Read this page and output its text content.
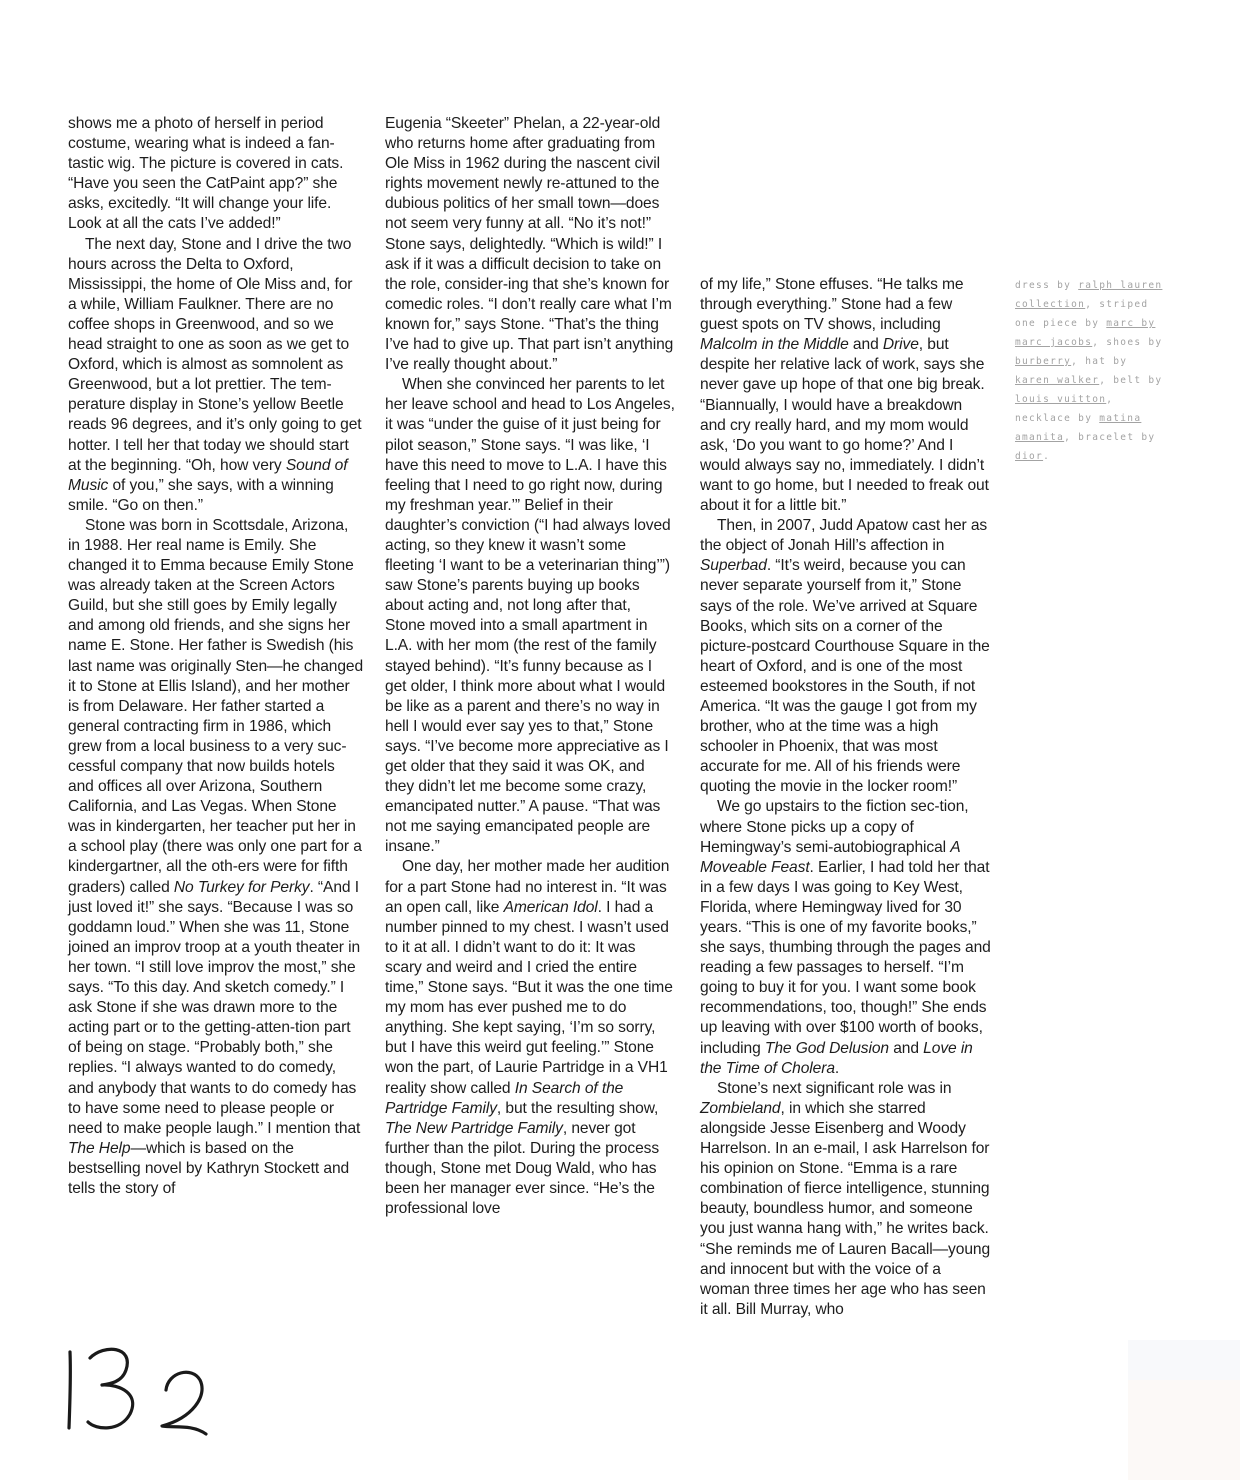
shows me a photo of herself in period costume, wearing what is indeed a fan-tastic wig. The picture is covered in cats. “Have you seen the CatPaint app?” she asks, excitedly. “It will change your life. Look at all the cats I’ve added!”

The next day, Stone and I drive the two hours across the Delta to Oxford, Mississippi, the home of Ole Miss and, for a while, William Faulkner. There are no coffee shops in Greenwood, and so we head straight to one as soon as we get to Oxford, which is almost as somnolent as Greenwood, but a lot prettier. The tem-perature display in Stone’s yellow Beetle reads 96 degrees, and it’s only going to get hotter. I tell her that today we should start at the beginning. “Oh, how very Sound of Music of you,” she says, with a winning smile. “Go on then.”

Stone was born in Scottsdale, Arizona, in 1988. Her real name is Emily. She changed it to Emma because Emily Stone was already taken at the Screen Actors Guild, but she still goes by Emily legally and among old friends, and she signs her name E. Stone. Her father is Swedish (his last name was originally Sten—he changed it to Stone at Ellis Island), and her mother is from Delaware. Her father started a general contracting firm in 1986, which grew from a local business to a very suc-cessful company that now builds hotels and offices all over Arizona, Southern California, and Las Vegas. When Stone was in kindergarten, her teacher put her in a school play (there was only one part for a kindergartner, all the oth-ers were for fifth graders) called No Turkey for Perky. “And I just loved it!” she says. “Because I was so goddamn loud.” When she was 11, Stone joined an improv troop at a youth theater in her town. “I still love improv the most,” she says. “To this day. And sketch comedy.” I ask Stone if she was drawn more to the acting part or to the getting-atten-tion part of being on stage. “Probably both,” she replies. “I always wanted to do comedy, and anybody that wants to do comedy has to have some need to please people or need to make people laugh.” I mention that The Help—which is based on the bestselling novel by Kathryn Stockett and tells the story of

Eugenia “Skeeter” Phelan, a 22-year-old who returns home after graduating from Ole Miss in 1962 during the nascent civil rights movement newly re-attuned to the dubious politics of her small town—does not seem very funny at all. “No it’s not!” Stone says, delightedly. “Which is wild!” I ask if it was a difficult decision to take on the role, consider-ing that she’s known for comedic roles. “I don’t really care what I’m known for,” says Stone. “That’s the thing I’ve had to give up. That part isn’t anything I’ve really thought about.”

When she convinced her parents to let her leave school and head to Los Angeles, it was “under the guise of it just being for pilot season,” Stone says. “I was like, ‘I have this need to move to L.A. I have this feeling that I need to go right now, during my freshman year.’” Belief in their daughter’s conviction (“I had always loved acting, so they knew it wasn’t some fleeting ‘I want to be a veterinarian thing’”) saw Stone’s parents buying up books about acting and, not long after that, Stone moved into a small apartment in L.A. with her mom (the rest of the family stayed behind). “It’s funny because as I get older, I think more about what I would be like as a parent and there’s no way in hell I would ever say yes to that,” Stone says. “I’ve become more appreciative as I get older that they said it was OK, and they didn’t let me become some crazy, emancipated nutter.” A pause. “That was not me saying emancipated people are insane.”

One day, her mother made her audition for a part Stone had no interest in. “It was an open call, like American Idol. I had a number pinned to my chest. I wasn’t used to it at all. I didn’t want to do it: It was scary and weird and I cried the entire time,” Stone says. “But it was the one time my mom has ever pushed me to do anything. She kept saying, ‘I’m so sorry, but I have this weird gut feeling.’” Stone won the part, of Laurie Partridge in a VH1 reality show called In Search of the Partridge Family, but the resulting show, The New Partridge Family, never got further than the pilot. During the process though, Stone met Doug Wald, who has been her manager ever since. “He’s the professional love

of my life,” Stone effuses. “He talks me through everything.” Stone had a few guest spots on TV shows, including Malcolm in the Middle and Drive, but despite her relative lack of work, says she never gave up hope of that one big break. “Biannually, I would have a breakdown and cry really hard, and my mom would ask, ‘Do you want to go home?’ And I would always say no, immediately. I didn’t want to go home, but I needed to freak out about it for a little bit.”

Then, in 2007, Judd Apatow cast her as the object of Jonah Hill’s affection in Superbad. “It’s weird, because you can never separate yourself from it,” Stone says of the role. We’ve arrived at Square Books, which sits on a corner of the picture-postcard Courthouse Square in the heart of Oxford, and is one of the most esteemed bookstores in the South, if not America. “It was the gauge I got from my brother, who at the time was a high schooler in Phoenix, that was most accurate for me. All of his friends were quoting the movie in the locker room!”

We go upstairs to the fiction sec-tion, where Stone picks up a copy of Hemingway’s semi-autobiographical A Moveable Feast. Earlier, I had told her that in a few days I was going to Key West, Florida, where Hemingway lived for 30 years. “This is one of my favorite books,” she says, thumbing through the pages and reading a few passages to herself. “I’m going to buy it for you. I want some book recommendations, too, though!” She ends up leaving with over $100 worth of books, including The God Delusion and Love in the Time of Cholera.

Stone’s next significant role was in Zombieland, in which she starred alongside Jesse Eisenberg and Woody Harrelson. In an e-mail, I ask Harrelson for his opinion on Stone. “Emma is a rare combination of fierce intelligence, stunning beauty, boundless humor, and someone you just wanna hang with,” he writes back. “She reminds me of Lauren Bacall—young and innocent but with the voice of a woman three times her age who has seen it all. Bill Murray, who

dress by ralph lauren collection, striped one piece by marc by marc jacobs, shoes by burberry, hat by karen walker, belt by louis vuitton, necklace by matina amanita, bracelet by dior.
